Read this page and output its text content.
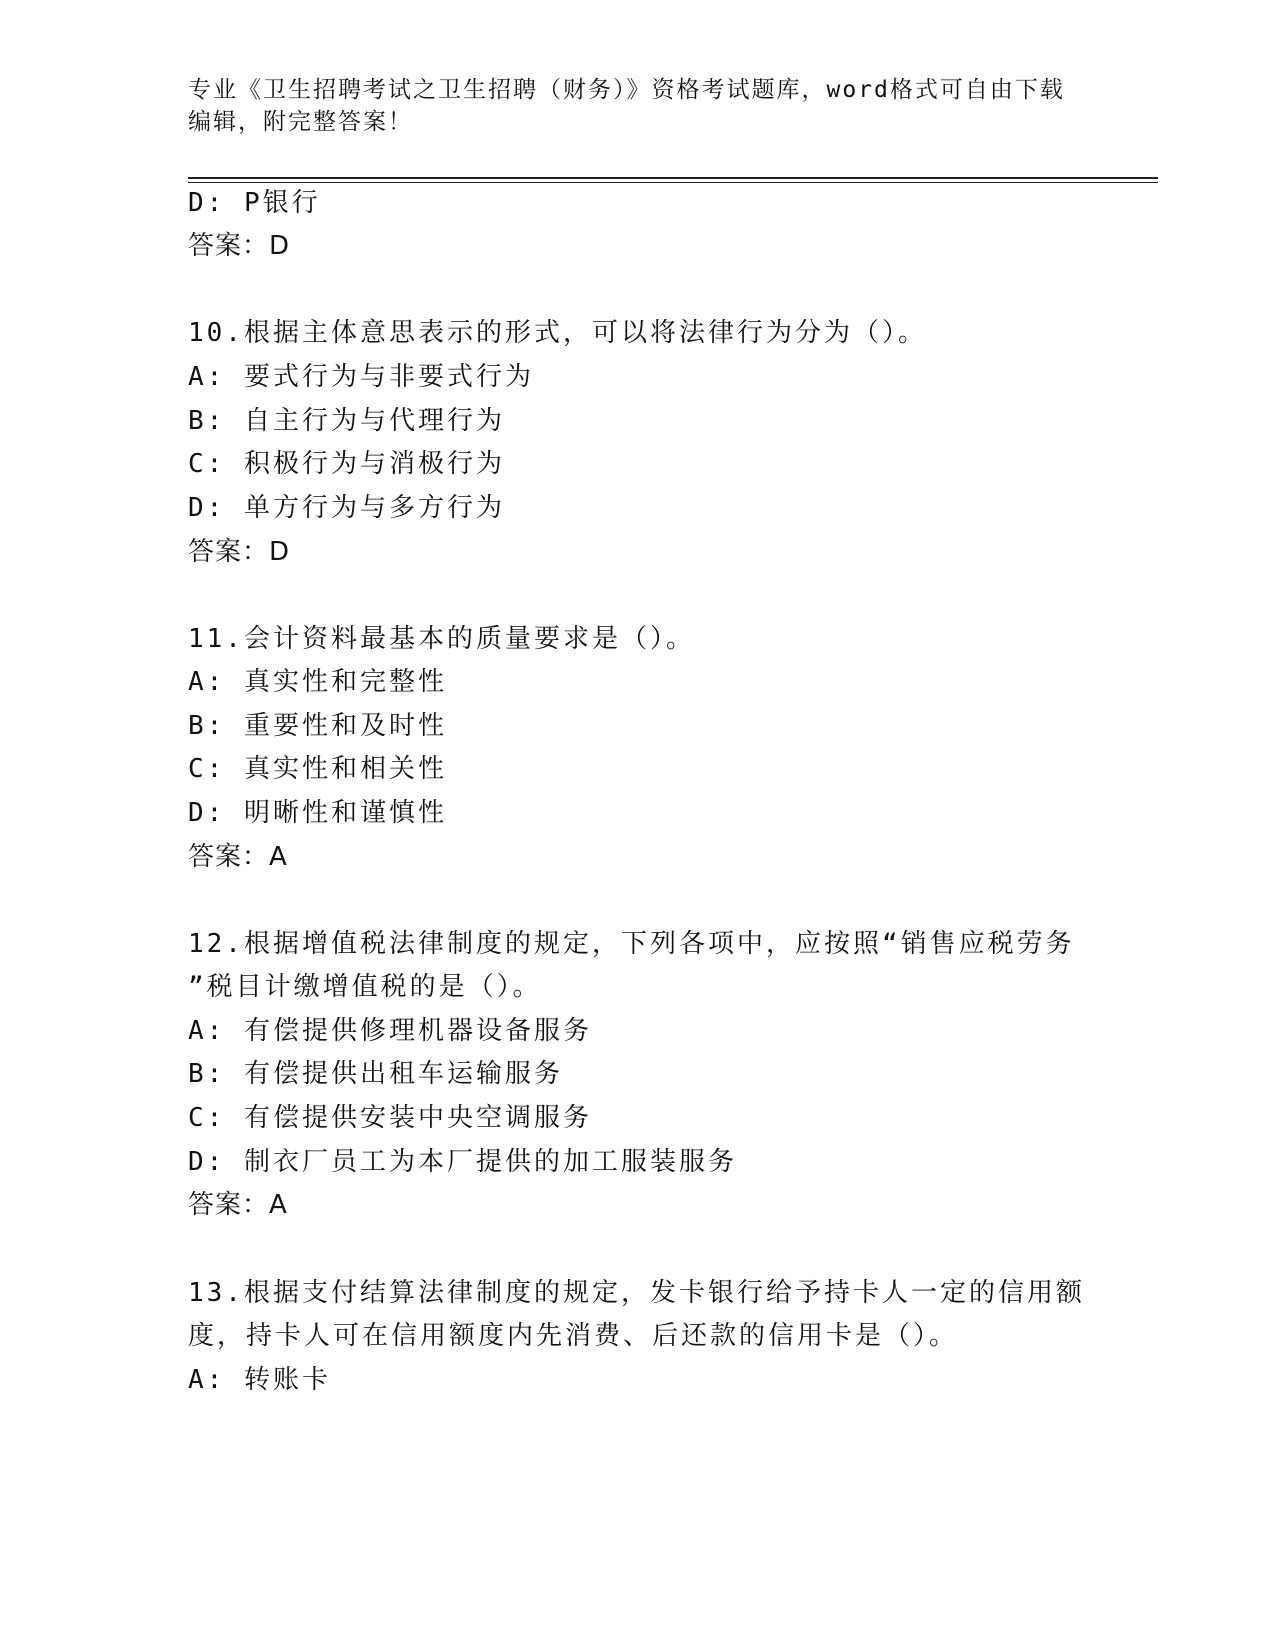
专业《卫生招聘考试之卫生招聘（财务）》资格考试题库，word格式可自由下载
编辑，附完整答案！
D: P银行
答案：D
10.根据主体意思表示的形式，可以将法律行为分为（）。
A: 要式行为与非要式行为
B: 自主行为与代理行为
C: 积极行为与消极行为
D: 单方行为与多方行为
答案：D
11.会计资料最基本的质量要求是（）。
A: 真实性和完整性
B: 重要性和及时性
C: 真实性和相关性
D: 明晰性和谨慎性
答案：A
12.根据增值税法律制度的规定，下列各项中，应按照“销售应税劳务
”税目计缴增值税的是（）。
A: 有偿提供修理机器设备服务
B: 有偿提供出租车运输服务
C: 有偿提供安装中央空调服务
D: 制衣厂员工为本厂提供的加工服装服务
答案：A
13.根据支付结算法律制度的规定，发卡银行给予持卡人一定的信用额
度，持卡人可在信用额度内先消费、后还款的信用卡是（）。
A: 转账卡
